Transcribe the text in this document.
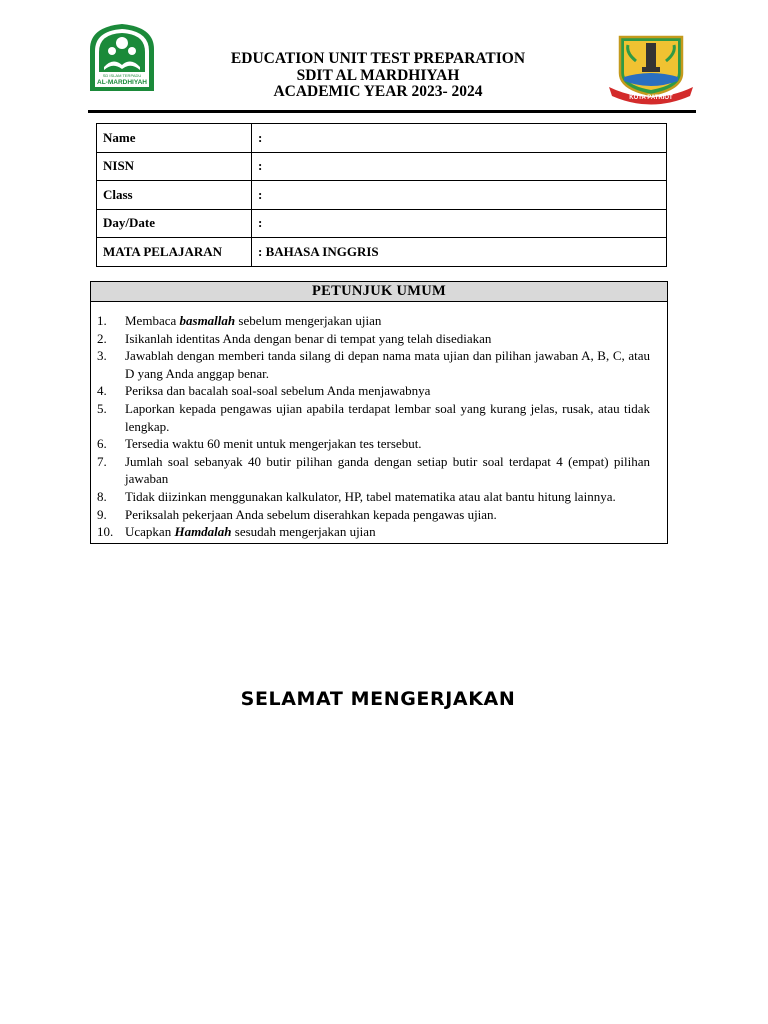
SD ISLAM TERPADU
AL-MARDHIYAH
KOTA PATRIOT
EDUCATION UNIT TEST PREPARATION
SDIT AL MARDHIYAH
ACADEMIC YEAR 2023- 2024
Name	:
NISN	:
Class	:
Day/Date	:
MATA PELAJARAN	: BAHASA INGGRIS
PETUNJUK UMUM
1.	Membaca basmallah sebelum mengerjakan ujian
2.	Isikanlah identitas Anda dengan benar di tempat yang telah disediakan
3.	Jawablah dengan memberi tanda silang di depan nama mata ujian dan pilihan jawaban A, B, C, atau D yang Anda anggap benar.
4.	Periksa dan bacalah soal-soal sebelum Anda menjawabnya
5.	Laporkan kepada pengawas ujian apabila terdapat lembar soal yang kurang jelas, rusak, atau tidak lengkap.
6.	Tersedia waktu 60 menit untuk mengerjakan tes tersebut.
7.	Jumlah soal sebanyak 40 butir pilihan ganda dengan setiap butir soal terdapat 4 (empat) pilihan jawaban
8.	Tidak diizinkan menggunakan kalkulator, HP, tabel matematika atau alat bantu hitung lainnya.
9.	Periksalah pekerjaan Anda sebelum diserahkan kepada pengawas ujian.
10. Ucapkan Hamdalah sesudah mengerjakan ujian
SELAMAT MENGERJAKAN
